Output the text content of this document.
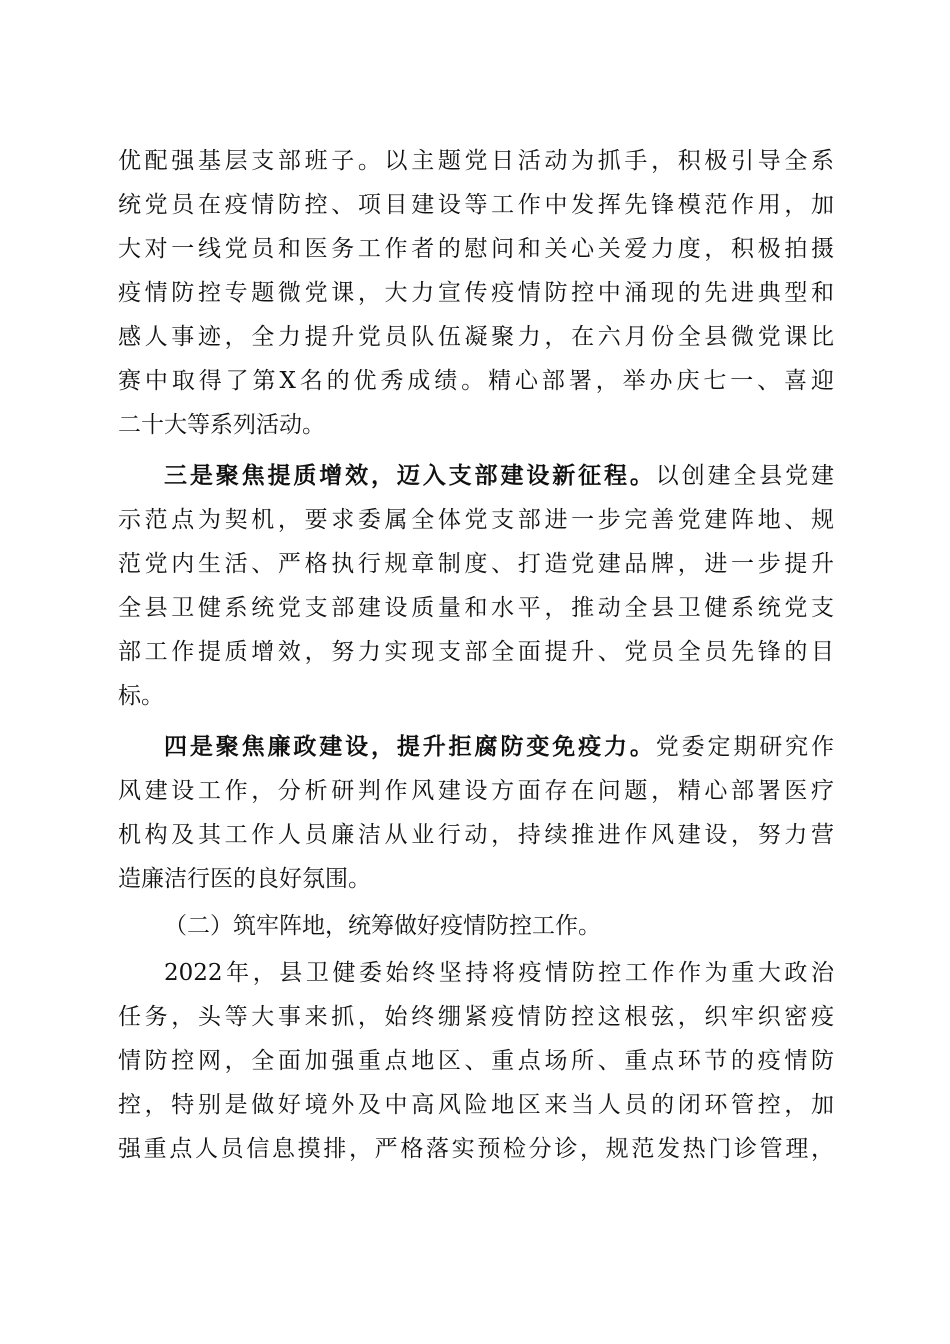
优配强基层支部班子。以主题党日活动为抓手，积极引导全系
统党员在疫情防控、项目建设等工作中发挥先锋模范作用，加
大对一线党员和医务工作者的慰问和关心关爱力度，积极拍摄
疫情防控专题微党课，大力宣传疫情防控中涌现的先进典型和
感人事迹，全力提升党员队伍凝聚力，在六月份全县微党课比
赛中取得了第X名的优秀成绩。精心部署，举办庆七一、喜迎
二十大等系列活动。
三是聚焦提质增效，迈入支部建设新征程。以创建全县党建
示范点为契机，要求委属全体党支部进一步完善党建阵地、规
范党内生活、严格执行规章制度、打造党建品牌，进一步提升
全县卫健系统党支部建设质量和水平，推动全县卫健系统党支
部工作提质增效，努力实现支部全面提升、党员全员先锋的目
标。
四是聚焦廉政建设，提升拒腐防变免疫力。党委定期研究作
风建设工作，分析研判作风建设方面存在问题，精心部署医疗
机构及其工作人员廉洁从业行动，持续推进作风建设，努力营
造廉洁行医的良好氛围。
（二）筑牢阵地，统筹做好疫情防控工作。
2022年，县卫健委始终坚持将疫情防控工作作为重大政治
任务，头等大事来抓，始终绷紧疫情防控这根弦，织牢织密疫
情防控网，全面加强重点地区、重点场所、重点环节的疫情防
控，特别是做好境外及中高风险地区来当人员的闭环管控，加
强重点人员信息摸排，严格落实预检分诊，规范发热门诊管理，
